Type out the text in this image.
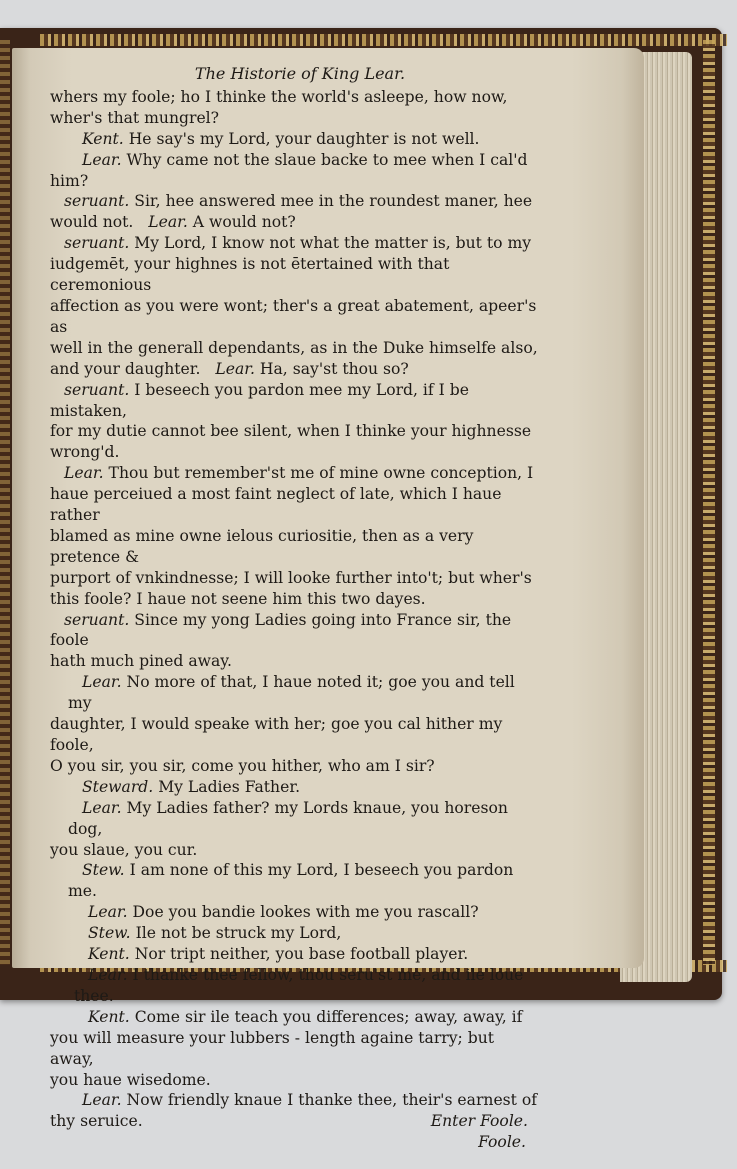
The Historie of King Lear.

whers my foole; ho I thinke the world's asleepe, how now,

wher's that mungrel?

Kent. He say's my Lord, your daughter is not well.

Lear. Why came not the slaue backe to mee when I cal'd

him?

seruant. Sir, hee answered mee in the roundest maner, hee

would not. Lear. A would not?

seruant. My Lord, I know not what the matter is, but to my

iudgemēt, your highnes is not ētertained with that ceremonious

affection as you were wont; ther's a great abatement, apeer's as

well in the generall dependants, as in the Duke himselfe also,

and your daughter. Lear. Ha, say'st thou so?

seruant. I beseech you pardon mee my Lord, if I be mistaken,

for my dutie cannot bee silent, when I thinke your highnesse

wrong'd.

Lear. Thou but remember'st me of mine owne conception, I

haue perceiued a most faint neglect of late, which I haue rather

blamed as mine owne ielous curiositie, then as a very pretence &

purport of vnkindnesse; I will looke further into't; but wher's

this foole? I haue not seene him this two dayes.

seruant. Since my yong Ladies going into France sir, the foole

hath much pined away.

Lear. No more of that, I haue noted it; goe you and tell my

daughter, I would speake with her; goe you cal hither my foole,

O you sir, you sir, come you hither, who am I sir?

Steward. My Ladies Father.

Lear. My Ladies father? my Lords knaue, you horeson dog,

you slaue, you cur.

Stew. I am none of this my Lord, I beseech you pardon me.

Lear. Doe you bandie lookes with me you rascall?

Stew. Ile not be struck my Lord,

Kent. Nor tript neither, you base football player.

Lear. I thanke thee fellow, thou seru'st me, and ile loue thee.

Kent. Come sir ile teach you differences; away, away, if

you will measure your lubbers - length againe tarry; but away,

you haue wisedome.

Lear. Now friendly knaue I thanke thee, their's earnest of

thy seruice.	Enter Foole.

Foole.
